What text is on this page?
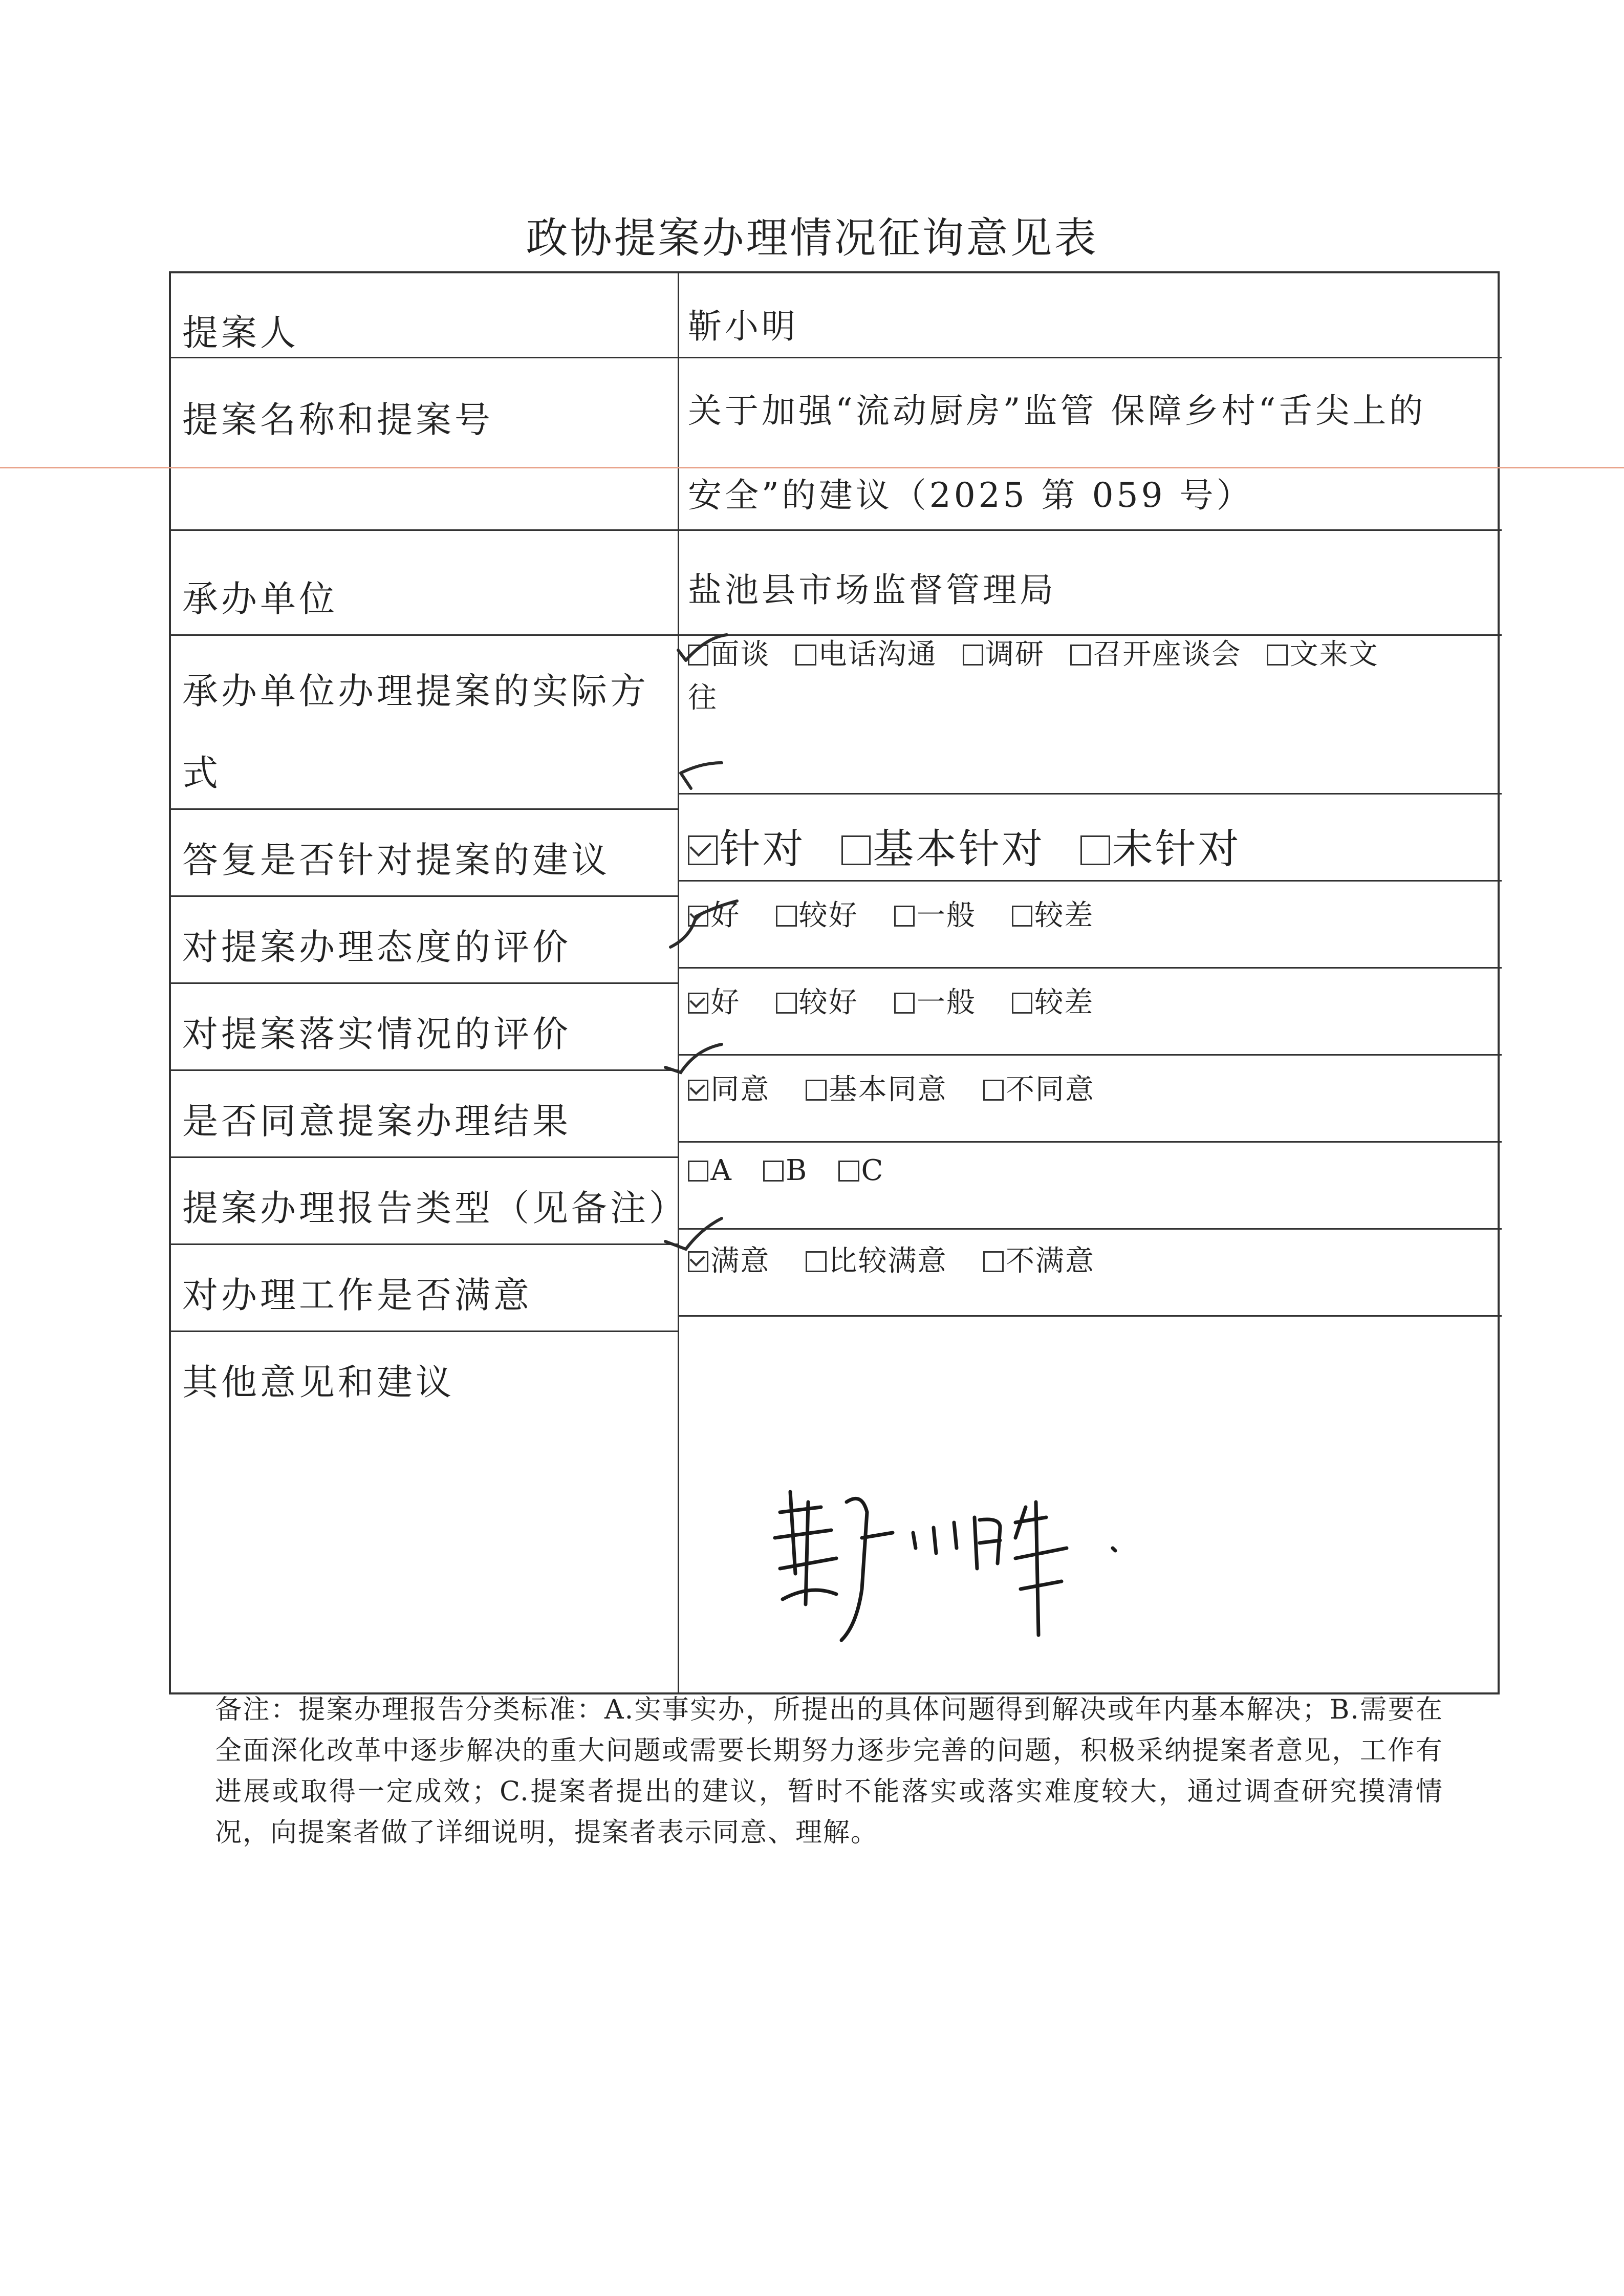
政协提案办理情况征询意见表
提案人
提案名称和提案号
承办单位
承办单位办理提案的实际方
式
答复是否针对提案的建议
对提案办理态度的评价
对提案落实情况的评价
是否同意提案办理结果
提案办理报告类型（见备注）
对办理工作是否满意
其他意见和建议
靳小明
关于加强“流动厨房”监管 保障乡村“舌尖上的
安全”的建议（2025 第 059 号）
盐池县市场监督管理局
面谈 电话沟通 调研 召开座谈会 文来文
往
针对 基本针对 未针对
好 较好 一般 较差
好 较好 一般 较差
同意 基本同意 不同意
A B C
满意 比较满意 不满意
备注：提案办理报告分类标准：A.实事实办，所提出的具体问题得到解决或年内基本解决；B.需要在全面深化改革中逐步解决的重大问题或需要长期努力逐步完善的问题，积极采纳提案者意见，工作有进展或取得一定成效；C.提案者提出的建议，暂时不能落实或落实难度较大，通过调查研究摸清情况，向提案者做了详细说明，提案者表示同意、理解。
